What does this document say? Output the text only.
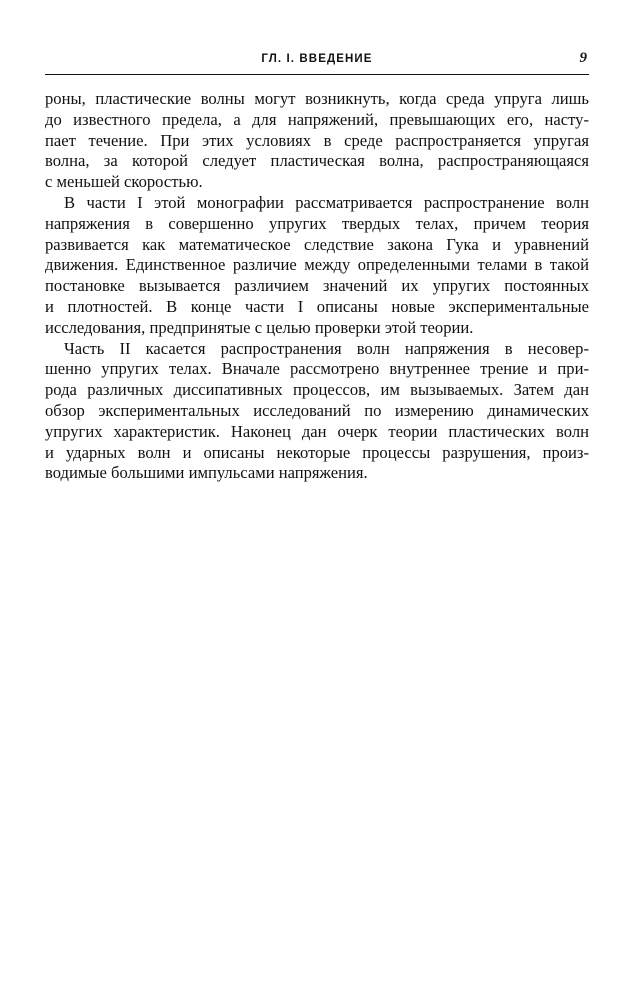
ГЛ. I. ВВЕДЕНИЕ	9
роны, пластические волны могут возникнуть, когда среда упруга лишь
до известного предела, а для напряжений, превышающих его, насту-
пает течение. При этих условиях в среде распространяется упругая
волна, за которой следует пластическая волна, распространяющаяся
с меньшей скоростью.
В части I этой монографии рассматривается распространение волн
напряжения в совершенно упругих твердых телах, причем теория
развивается как математическое следствие закона Гука и уравнений
движения. Единственное различие между определенными телами в такой
постановке вызывается различием значений их упругих постоянных
и плотностей. В конце части I описаны новые экспериментальные
исследования, предпринятые с целью проверки этой теории.
Часть II касается распространения волн напряжения в несовер-
шенно упругих телах. Вначале рассмотрено внутреннее трение и при-
рода различных диссипативных процессов, им вызываемых. Затем дан
обзор экспериментальных исследований по измерению динамических
упругих характеристик. Наконец дан очерк теории пластических волн
и ударных волн и описаны некоторые процессы разрушения, произ-
водимые большими импульсами напряжения.
